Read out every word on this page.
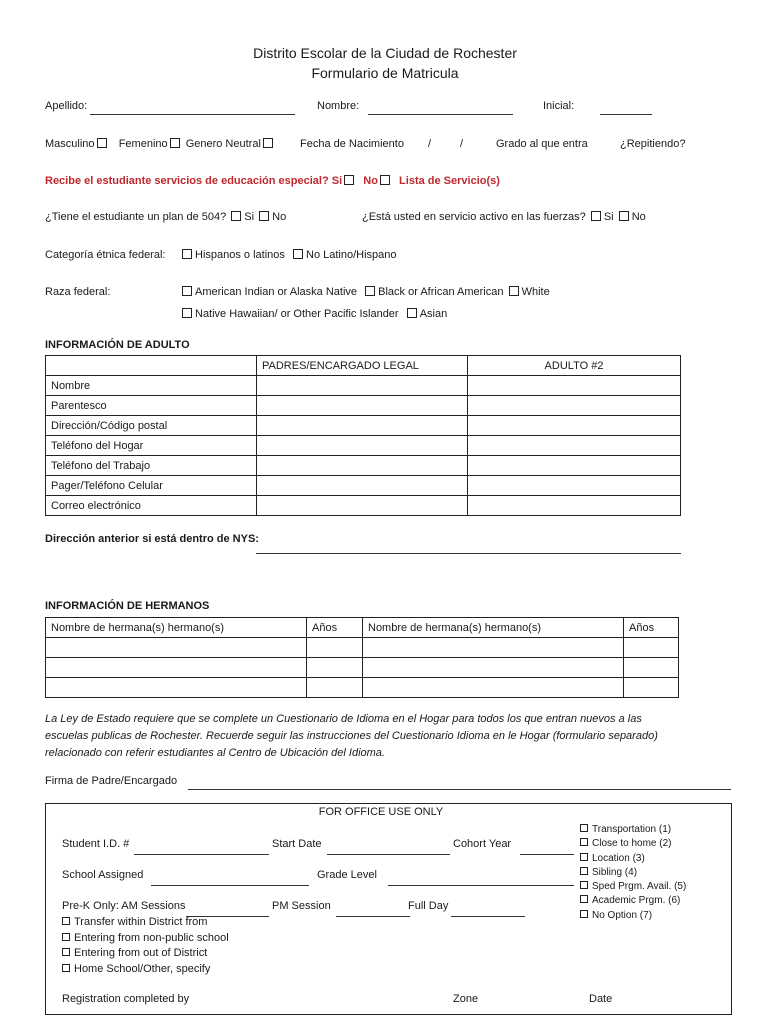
Distrito Escolar de la Ciudad de Rochester
Formulario de Matricula
Apellido:	Nombre:	Inicial:
Masculino Femenino Genero Neutral	Fecha de Nacimiento /	/	Grado al que entra	¿Repitiendo?
Recibe el estudiante servicios de educación especial? Si No Lista de Servicio(s)
¿Tiene el estudiante un plan de 504? Si No	¿Está usted en servicio activo en las fuerzas? Si No
Categoría étnica federal:	Hispanos o latinos No Latino/Hispano
Raza federal:	American Indian or Alaska Native Black or African American White
Native Hawaiian/ or Other Pacific Islander Asian
INFORMACIÓN DE ADULTO
	PADRES/ENCARGADO LEGAL	ADULTO #2
Nombre		
Parentesco		
Dirección/Código postal		
Teléfono del Hogar		
Teléfono del Trabajo		
Pager/Teléfono Celular		
Correo electrónico		
Dirección anterior si está dentro de NYS:
INFORMACIÓN DE HERMANOS
Nombre de hermana(s) hermano(s)	Años	Nombre de hermana(s) hermano(s)	Años

La Ley de Estado requiere que se complete un Cuestionario de Idioma en el Hogar para todos los que entran nuevos a las
escuelas publicas de Rochester. Recuerde seguir las instrucciones del Cuestionario Idioma en le Hogar (formulario separado)
relacionado con referir estudiantes al Centro de Ubicación del Idioma.
Firma de Padre/Encargado
FOR OFFICE USE ONLY
Student I.D. #	Start Date	Cohort Year
School Assigned	Grade Level
Pre-K Only: AM Sessions	PM Session	Full Day
Transfer within District from
Entering from non-public school
Entering from out of District
Home School/Other, specify
Registration completed by	Zone	Date
Transportation (1)
Close to home (2)
Location (3)
Sibling (4)
Sped Prgm. Avail. (5)
Academic Prgm. (6)
No Option (7)
